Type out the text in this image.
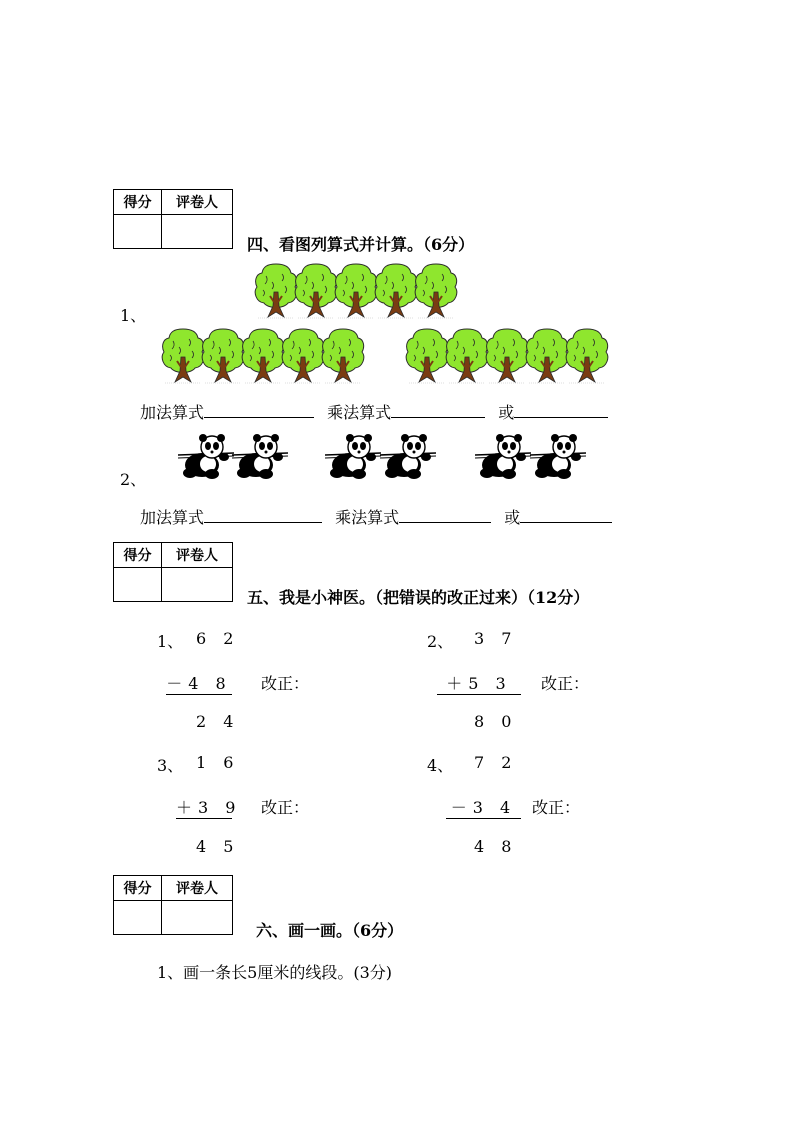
得分	评卷人

四、看图列算式并计算。（6分）
1、
加法算式	乘法算式	或
2、
加法算式	乘法算式	或
得分	评卷人

五、我是小神医。（把错误的改正过来）（12分）
1、 6 2
－4 8 改正：
2 4
2、 3 7
＋5 3	改正：
8 0
3、 1 6
＋3 9 改正：
4 5
4、 7 2
－3 4 改正：
4 8
得分	评卷人

六、画一画。（6分）
1、画一条长5厘米的线段。(3分)
